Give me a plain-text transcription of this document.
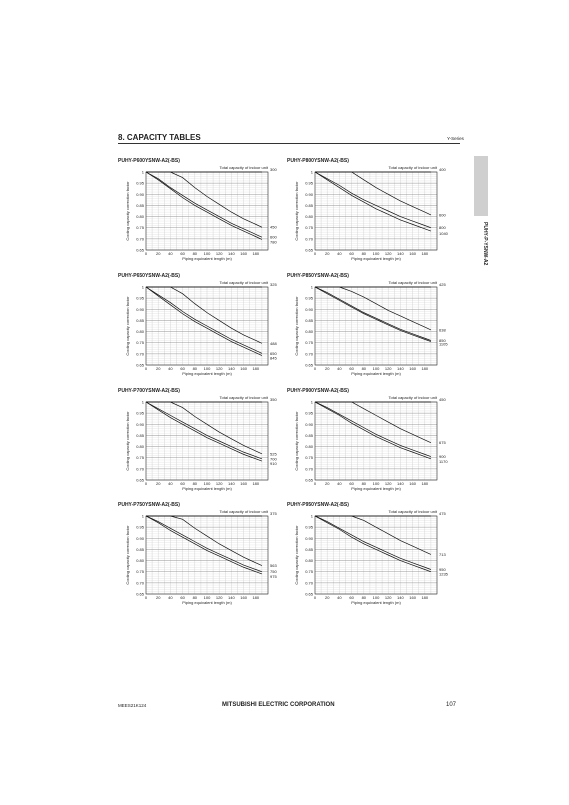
8. CAPACITY TABLES	Y-Series
PUHY-P-YSNW-A2
PUHY-P600YSNW-A2(-BS)
Total capacity of indoor unit
0.65
0.70
0.75
0.80
0.85
0.90
0.95
1
0 20 40 60 80 100 120 140 160 180
Piping equivalent length (m)
Cooling capacity correction factor
300
450
600
780
PUHY-P800YSNW-A2(-BS)
Total capacity of indoor unit
0.65
0.70
0.75
0.80
0.85
0.90
0.95
1
0 20 40 60 80 100 120 140 160 180
Piping equivalent length (m)
Cooling capacity correction factor
400
600
800
1040
PUHY-P650YSNW-A2(-BS)
Total capacity of indoor unit
0.65
0.70
0.75
0.80
0.85
0.90
0.95
1
0 20 40 60 80 100 120 140 160 180
Piping equivalent length (m)
Cooling capacity correction factor
325
488
650
845
PUHY-P850YSNW-A2(-BS)
Total capacity of indoor unit
0.65
0.70
0.75
0.80
0.85
0.90
0.95
1
0 20 40 60 80 100 120 140 160 180
Piping equivalent length (m)
Cooling capacity correction factor
425
638
850
1105
PUHY-P700YSNW-A2(-BS)
Total capacity of indoor unit
0.65
0.70
0.75
0.80
0.85
0.90
0.95
1
0 20 40 60 80 100 120 140 160 180
Piping equivalent length (m)
Cooling capacity correction factor
350
525
700
910
PUHY-P900YSNW-A2(-BS)
Total capacity of indoor unit
0.65
0.70
0.75
0.80
0.85
0.90
0.95
1
0 20 40 60 80 100 120 140 160 180
Piping equivalent length (m)
Cooling capacity correction factor
450
675
900
1170
PUHY-P750YSNW-A2(-BS)
Total capacity of indoor unit
0.65
0.70
0.75
0.80
0.85
0.90
0.95
1
0 20 40 60 80 100 120 140 160 180
Piping equivalent length (m)
Cooling capacity correction factor
375
563
750
975
PUHY-P950YSNW-A2(-BS)
Total capacity of indoor unit
0.65
0.70
0.75
0.80
0.85
0.90
0.95
1
0 20 40 60 80 100 120 140 160 180
Piping equivalent length (m)
Cooling capacity correction factor
475
713
950
1235
MEES21K124	MITSUBISHI ELECTRIC CORPORATION	107
